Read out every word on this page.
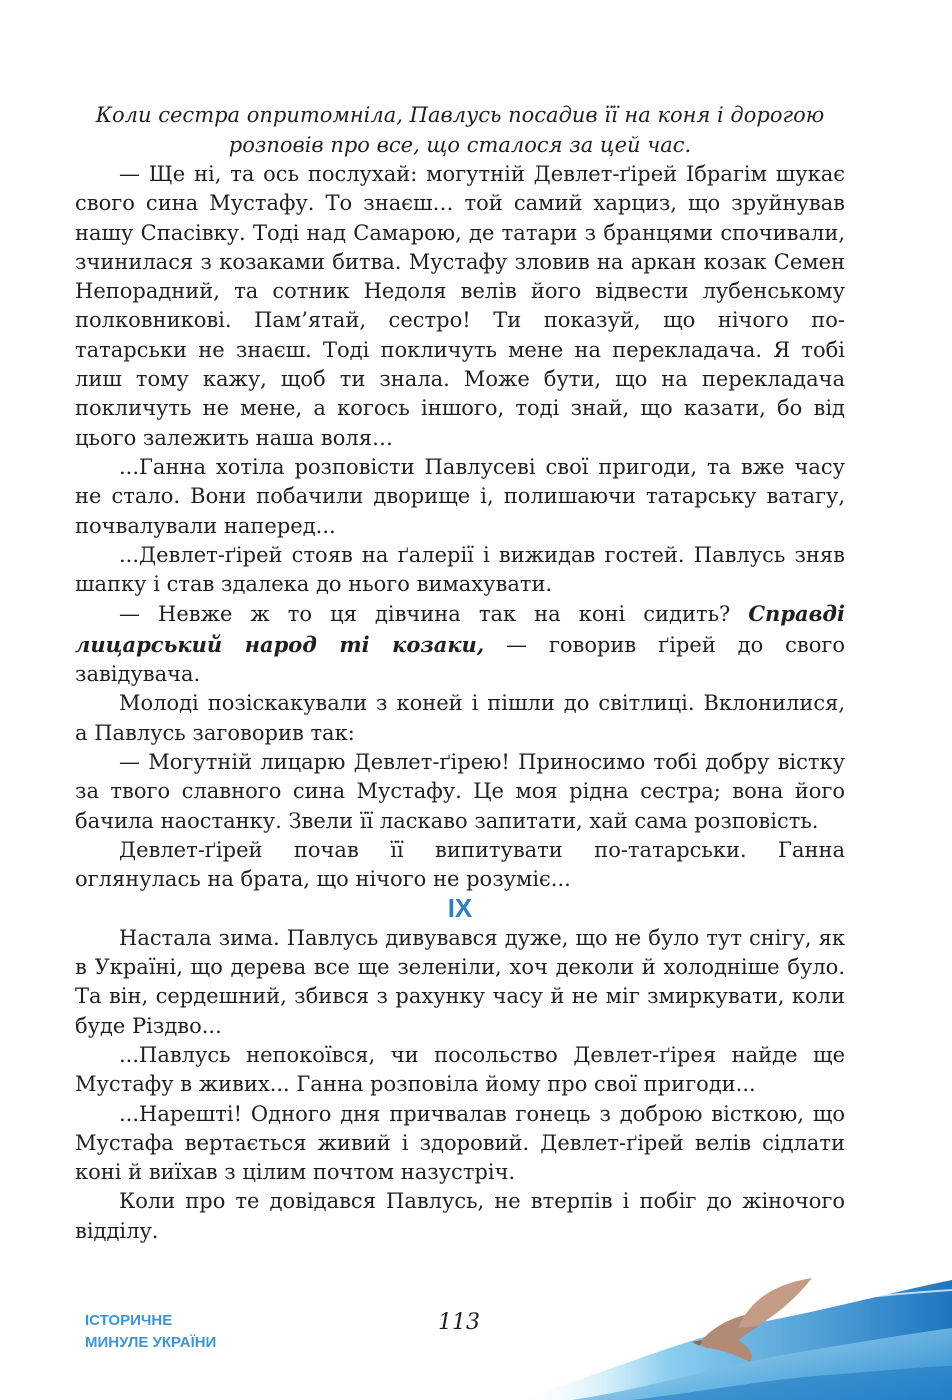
Коли сестра опритомніла, Павлусь посадив її на коня і дорогою розповів про все, що сталося за цей час.

— Ще ні, та ось послухай: могутній Девлет-ґірей Ібрагім шукає свого сина Мустафу. То знаєш… той самий харциз, що зруйнував нашу Спасівку. Тоді над Самарою, де татари з бранцями спочивали, зчинилася з козаками битва. Мустафу зловив на аркан козак Семен Непорадний, та сотник Недоля велів його відвести лубенському полковникові. Пам’ятай, сестро! Ти показуй, що нічого по-татарськи не знаєш. Тоді покличуть мене на перекладача. Я тобі лиш тому кажу, щоб ти знала. Може бути, що на перекладача покличуть не мене, а когось іншого, тоді знай, що казати, бо від цього залежить наша воля…

...Ганна хотіла розповісти Павлусеві свої пригоди, та вже часу не стало. Вони побачили дворище і, полишаючи татарську ватагу, почвалували наперед...

...Девлет-ґірей стояв на ґалерії і вижидав гостей. Павлусь зняв шапку і став здалека до нього вимахувати.

— Невже ж то ця дівчина так на коні сидить? Справді лицарський народ ті козаки, — говорив ґірей до свого завідувача.

Молоді позіскакували з коней і пішли до світлиці. Вклонилися, а Павлусь заговорив так:

— Могутній лицарю Девлет-ґірею! Приносимо тобі добру вістку за твого славного сина Мустафу. Це моя рідна сестра; вона його бачила наостанку. Звели її ласкаво запитати, хай сама розповість.

Девлет-ґірей почав її випитувати по-татарськи. Ганна оглянулась на брата, що нічого не розуміє...

IX

Настала зима. Павлусь дивувався дуже, що не було тут снігу, як в Україні, що дерева все ще зеленіли, хоч деколи й холодніше було. Та він, сердешний, збився з рахунку часу й не міг змиркувати, коли буде Різдво...

...Павлусь непокоївся, чи посольство Девлет-ґірея найде ще Мустафу в живих... Ганна розповіла йому про свої пригоди...

...Нарешті! Одного дня причвалав гонець з доброю вісткою, що Мустафа вертається живий і здоровий. Девлет-ґірей велів сідлати коні й виїхав з цілим почтом назустріч.

Коли про те довідався Павлусь, не втерпів і побіг до жіночого відділу.

ІСТОРИЧНЕ
МИНУЛЕ УКРАЇНИ
113
